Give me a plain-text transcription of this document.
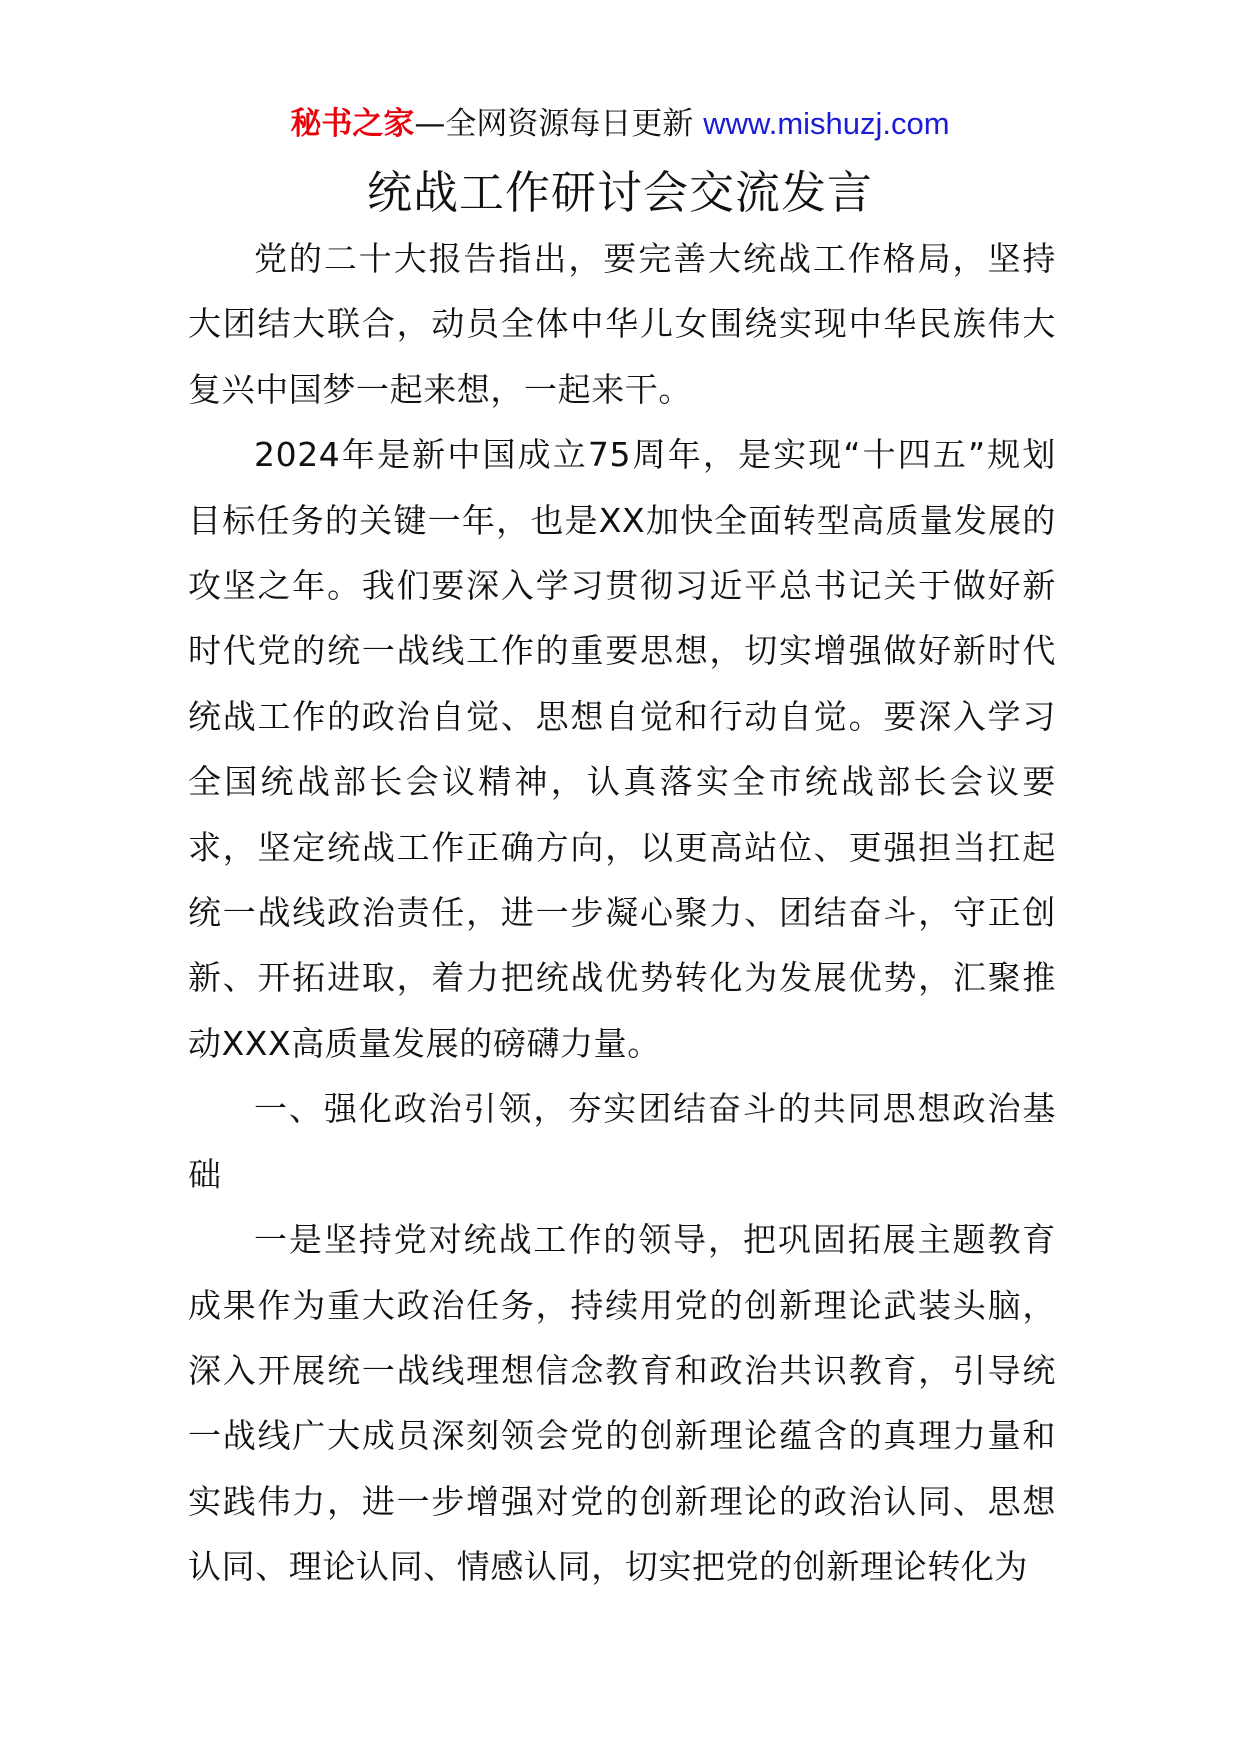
秘书之家—全网资源每日更新 www.mishuzj.com
统战工作研讨会交流发言

党的二十大报告指出，要完善大统战工作格局，坚持大团结大联合，动员全体中华儿女围绕实现中华民族伟大复兴中国梦一起来想，一起来干。

2024年是新中国成立75周年，是实现“十四五”规划目标任务的关键一年，也是XX加快全面转型高质量发展的攻坚之年。我们要深入学习贯彻习近平总书记关于做好新时代党的统一战线工作的重要思想，切实增强做好新时代统战工作的政治自觉、思想自觉和行动自觉。要深入学习全国统战部长会议精神，认真落实全市统战部长会议要求，坚定统战工作正确方向，以更高站位、更强担当扛起统一战线政治责任，进一步凝心聚力、团结奋斗，守正创新、开拓进取，着力把统战优势转化为发展优势，汇聚推动XXX高质量发展的磅礴力量。

一、强化政治引领，夯实团结奋斗的共同思想政治基础

一是坚持党对统战工作的领导，把巩固拓展主题教育成果作为重大政治任务，持续用党的创新理论武装头脑，深入开展统一战线理想信念教育和政治共识教育，引导统一战线广大成员深刻领会党的创新理论蕴含的真理力量和实践伟力，进一步增强对党的创新理论的政治认同、思想认同、理论认同、情感认同，切实把党的创新理论转化为
